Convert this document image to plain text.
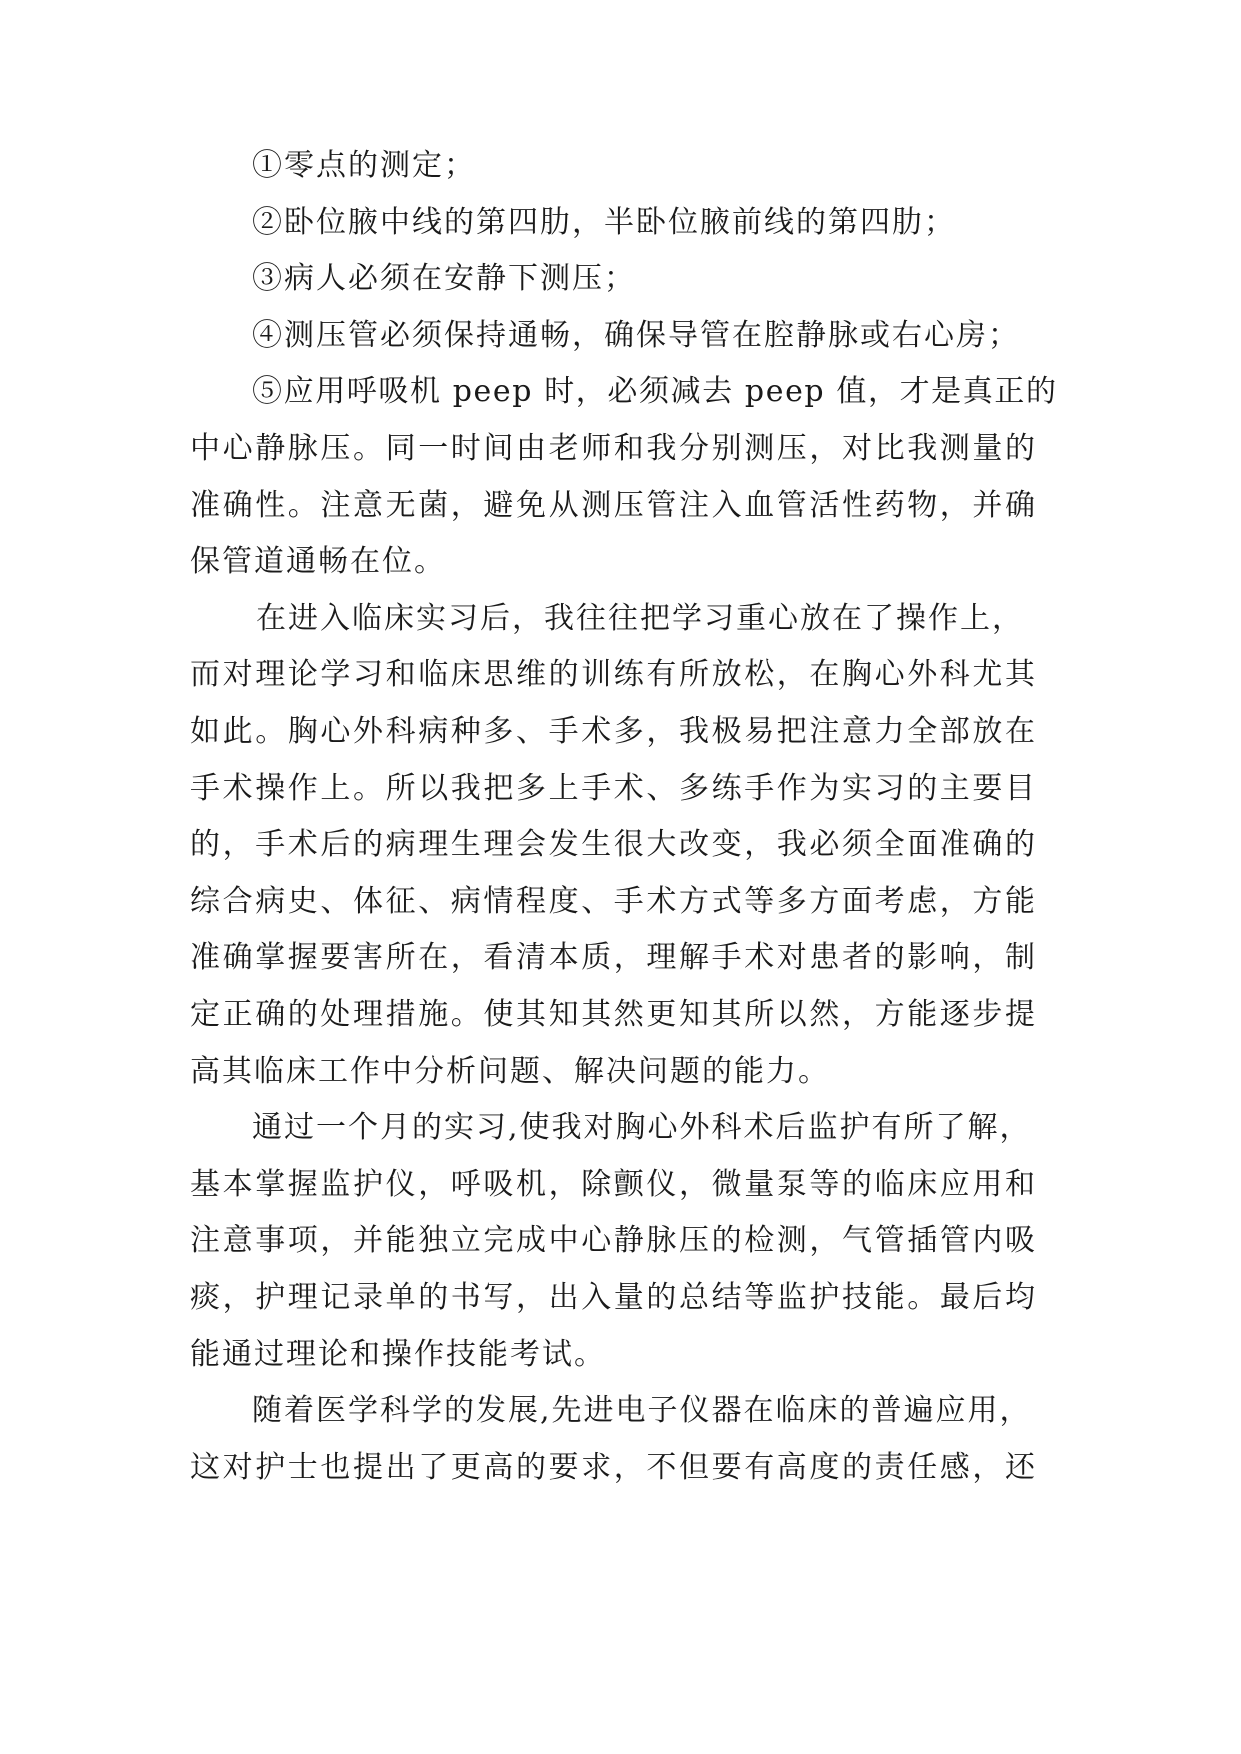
①零点的测定；
②卧位腋中线的第四肋，半卧位腋前线的第四肋；
③病人必须在安静下测压；
④测压管必须保持通畅，确保导管在腔静脉或右心房；
⑤应用呼吸机 peep 时，必须减去 peep 值，才是真正的
中心静脉压。同一时间由老师和我分别测压，对比我测量的
准确性。注意无菌，避免从测压管注入血管活性药物，并确
保管道通畅在位。
在进入临床实习后，我往往把学习重心放在了操作上，
而对理论学习和临床思维的训练有所放松，在胸心外科尤其
如此。胸心外科病种多、手术多，我极易把注意力全部放在
手术操作上。所以我把多上手术、多练手作为实习的主要目
的，手术后的病理生理会发生很大改变，我必须全面准确的
综合病史、体征、病情程度、手术方式等多方面考虑，方能
准确掌握要害所在，看清本质，理解手术对患者的影响，制
定正确的处理措施。使其知其然更知其所以然，方能逐步提
高其临床工作中分析问题、解决问题的能力。
通过一个月的实习,使我对胸心外科术后监护有所了解，
基本掌握监护仪，呼吸机，除颤仪，微量泵等的临床应用和
注意事项，并能独立完成中心静脉压的检测，气管插管内吸
痰，护理记录单的书写，出入量的总结等监护技能。最后均
能通过理论和操作技能考试。
随着医学科学的发展,先进电子仪器在临床的普遍应用，
这对护士也提出了更高的要求，不但要有高度的责任感，还
